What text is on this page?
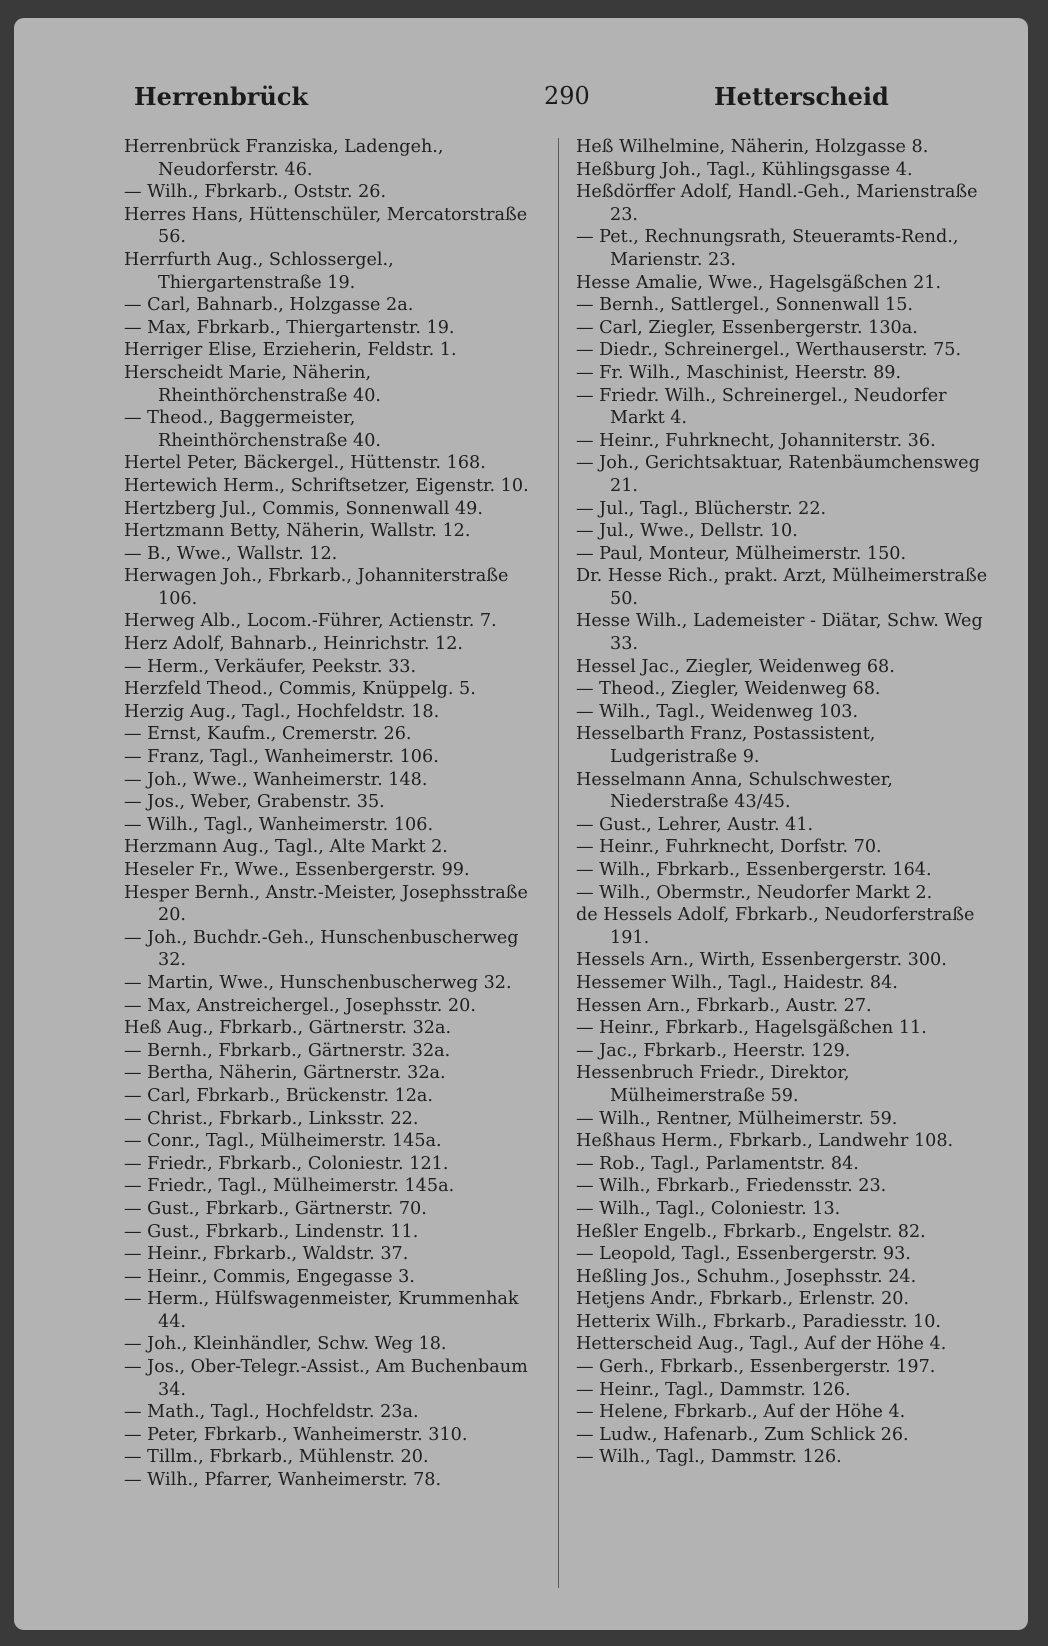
Herrenbrück	290	Hetterscheid

Herrenbrück Franziska, Ladengeh., Neudorferstr. 46.

— Wilh., Fbrkarb., Oststr. 26.

Herres Hans, Hüttenschüler, Mercatorstraße 56.

Herrfurth Aug., Schlossergel., Thiergartenstraße 19.

— Carl, Bahnarb., Holzgasse 2a.

— Max, Fbrkarb., Thiergartenstr. 19.

Herriger Elise, Erzieherin, Feldstr. 1.

Herscheidt Marie, Näherin, Rheinthörchenstraße 40.

— Theod., Baggermeister, Rheinthörchenstraße 40.

Hertel Peter, Bäckergel., Hüttenstr. 168.

Hertewich Herm., Schriftsetzer, Eigenstr. 10.

Hertzberg Jul., Commis, Sonnenwall 49.

Hertzmann Betty, Näherin, Wallstr. 12.

— B., Wwe., Wallstr. 12.

Herwagen Joh., Fbrkarb., Johanniterstraße 106.

Herweg Alb., Locom.-Führer, Actienstr. 7.

Herz Adolf, Bahnarb., Heinrichstr. 12.

— Herm., Verkäufer, Peekstr. 33.

Herzfeld Theod., Commis, Knüppelg. 5.

Herzig Aug., Tagl., Hochfeldstr. 18.

— Ernst, Kaufm., Cremerstr. 26.

— Franz, Tagl., Wanheimerstr. 106.

— Joh., Wwe., Wanheimerstr. 148.

— Jos., Weber, Grabenstr. 35.

— Wilh., Tagl., Wanheimerstr. 106.

Herzmann Aug., Tagl., Alte Markt 2.

Heseler Fr., Wwe., Essenbergerstr. 99.

Hesper Bernh., Anstr.-Meister, Josephsstraße 20.

— Joh., Buchdr.-Geh., Hunschenbuscherweg 32.

— Martin, Wwe., Hunschenbuscherweg 32.

— Max, Anstreichergel., Josephsstr. 20.

Heß Aug., Fbrkarb., Gärtnerstr. 32a.

— Bernh., Fbrkarb., Gärtnerstr. 32a.

— Bertha, Näherin, Gärtnerstr. 32a.

— Carl, Fbrkarb., Brückenstr. 12a.

— Christ., Fbrkarb., Linksstr. 22.

— Conr., Tagl., Mülheimerstr. 145a.

— Friedr., Fbrkarb., Coloniestr. 121.

— Friedr., Tagl., Mülheimerstr. 145a.

— Gust., Fbrkarb., Gärtnerstr. 70.

— Gust., Fbrkarb., Lindenstr. 11.

— Heinr., Fbrkarb., Waldstr. 37.

— Heinr., Commis, Engegasse 3.

— Herm., Hülfswagenmeister, Krummenhak 44.

— Joh., Kleinhändler, Schw. Weg 18.

— Jos., Ober-Telegr.-Assist., Am Buchenbaum 34.

— Math., Tagl., Hochfeldstr. 23a.

— Peter, Fbrkarb., Wanheimerstr. 310.

— Tillm., Fbrkarb., Mühlenstr. 20.

— Wilh., Pfarrer, Wanheimerstr. 78.

Heß Wilhelmine, Näherin, Holzgasse 8.

Heßburg Joh., Tagl., Kühlingsgasse 4.

Heßdörffer Adolf, Handl.-Geh., Marienstraße 23.

— Pet., Rechnungsrath, Steueramts-Rend., Marienstr. 23.

Hesse Amalie, Wwe., Hagelsgäßchen 21.

— Bernh., Sattlergel., Sonnenwall 15.

— Carl, Ziegler, Essenbergerstr. 130a.

— Diedr., Schreinergel., Werthauserstr. 75.

— Fr. Wilh., Maschinist, Heerstr. 89.

— Friedr. Wilh., Schreinergel., Neudorfer Markt 4.

— Heinr., Fuhrknecht, Johanniterstr. 36.

— Joh., Gerichtsaktuar, Ratenbäumchensweg 21.

— Jul., Tagl., Blücherstr. 22.

— Jul., Wwe., Dellstr. 10.

— Paul, Monteur, Mülheimerstr. 150.

Dr. Hesse Rich., prakt. Arzt, Mülheimerstraße 50.

Hesse Wilh., Lademeister - Diätar, Schw. Weg 33.

Hessel Jac., Ziegler, Weidenweg 68.

— Theod., Ziegler, Weidenweg 68.

— Wilh., Tagl., Weidenweg 103.

Hesselbarth Franz, Postassistent, Ludgeristraße 9.

Hesselmann Anna, Schulschwester, Niederstraße 43/45.

— Gust., Lehrer, Austr. 41.

— Heinr., Fuhrknecht, Dorfstr. 70.

— Wilh., Fbrkarb., Essenbergerstr. 164.

— Wilh., Obermstr., Neudorfer Markt 2.

de Hessels Adolf, Fbrkarb., Neudorferstraße 191.

Hessels Arn., Wirth, Essenbergerstr. 300.

Hessemer Wilh., Tagl., Haidestr. 84.

Hessen Arn., Fbrkarb., Austr. 27.

— Heinr., Fbrkarb., Hagelsgäßchen 11.

— Jac., Fbrkarb., Heerstr. 129.

Hessenbruch Friedr., Direktor, Mülheimerstraße 59.

— Wilh., Rentner, Mülheimerstr. 59.

Heßhaus Herm., Fbrkarb., Landwehr 108.

— Rob., Tagl., Parlamentstr. 84.

— Wilh., Fbrkarb., Friedensstr. 23.

— Wilh., Tagl., Coloniestr. 13.

Heßler Engelb., Fbrkarb., Engelstr. 82.

— Leopold, Tagl., Essenbergerstr. 93.

Heßling Jos., Schuhm., Josephsstr. 24.

Hetjens Andr., Fbrkarb., Erlenstr. 20.

Hetterix Wilh., Fbrkarb., Paradiesstr. 10.

Hetterscheid Aug., Tagl., Auf der Höhe 4.

— Gerh., Fbrkarb., Essenbergerstr. 197.

— Heinr., Tagl., Dammstr. 126.

— Helene, Fbrkarb., Auf der Höhe 4.

— Ludw., Hafenarb., Zum Schlick 26.

— Wilh., Tagl., Dammstr. 126.
